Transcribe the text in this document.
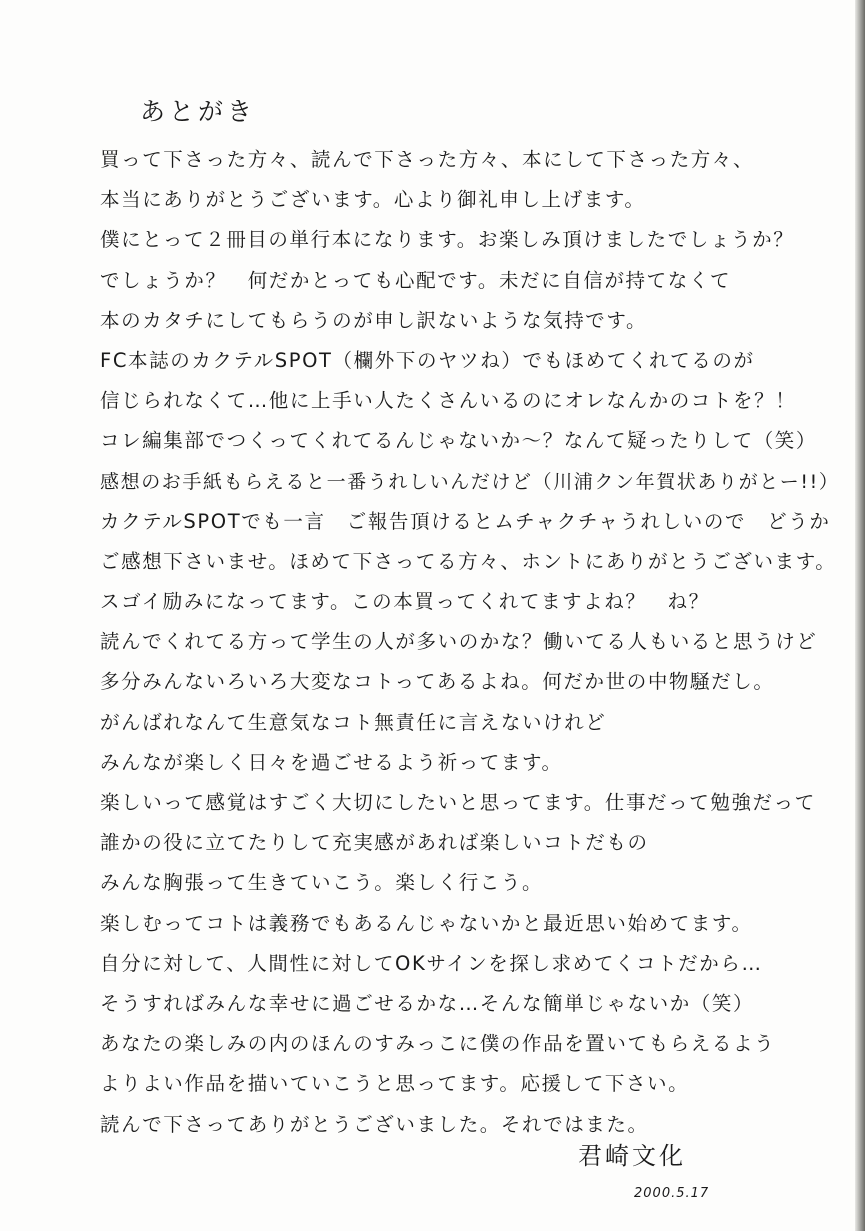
あとがき
買って下さった方々、読んで下さった方々、本にして下さった方々、
本当にありがとうございます。心より御礼申し上げます。
僕にとって２冊目の単行本になります。お楽しみ頂けましたでしょうか？
でしょうか？　何だかとっても心配です。未だに自信が持てなくて
本のカタチにしてもらうのが申し訳ないような気持です。
FC本誌のカクテルSPOT（欄外下のヤツね）でもほめてくれてるのが
信じられなくて…他に上手い人たくさんいるのにオレなんかのコトを？！
コレ編集部でつくってくれてるんじゃないか〜？なんて疑ったりして（笑）
感想のお手紙もらえると一番うれしいんだけど（川浦クン年賀状ありがとー!!）
カクテルSPOTでも一言　ご報告頂けるとムチャクチャうれしいので　どうか
ご感想下さいませ。ほめて下さってる方々、ホントにありがとうございます。
スゴイ励みになってます。この本買ってくれてますよね？　ね？
読んでくれてる方って学生の人が多いのかな？働いてる人もいると思うけど
多分みんないろいろ大変なコトってあるよね。何だか世の中物騒だし。
がんばれなんて生意気なコト無責任に言えないけれど
みんなが楽しく日々を過ごせるよう祈ってます。
楽しいって感覚はすごく大切にしたいと思ってます。仕事だって勉強だって
誰かの役に立てたりして充実感があれば楽しいコトだもの
みんな胸張って生きていこう。楽しく行こう。
楽しむってコトは義務でもあるんじゃないかと最近思い始めてます。
自分に対して、人間性に対してOKサインを探し求めてくコトだから…
そうすればみんな幸せに過ごせるかな…そんな簡単じゃないか（笑）
あなたの楽しみの内のほんのすみっこに僕の作品を置いてもらえるよう
よりよい作品を描いていこうと思ってます。応援して下さい。
読んで下さってありがとうございました。それではまた。
君崎文化
2000.5.17
